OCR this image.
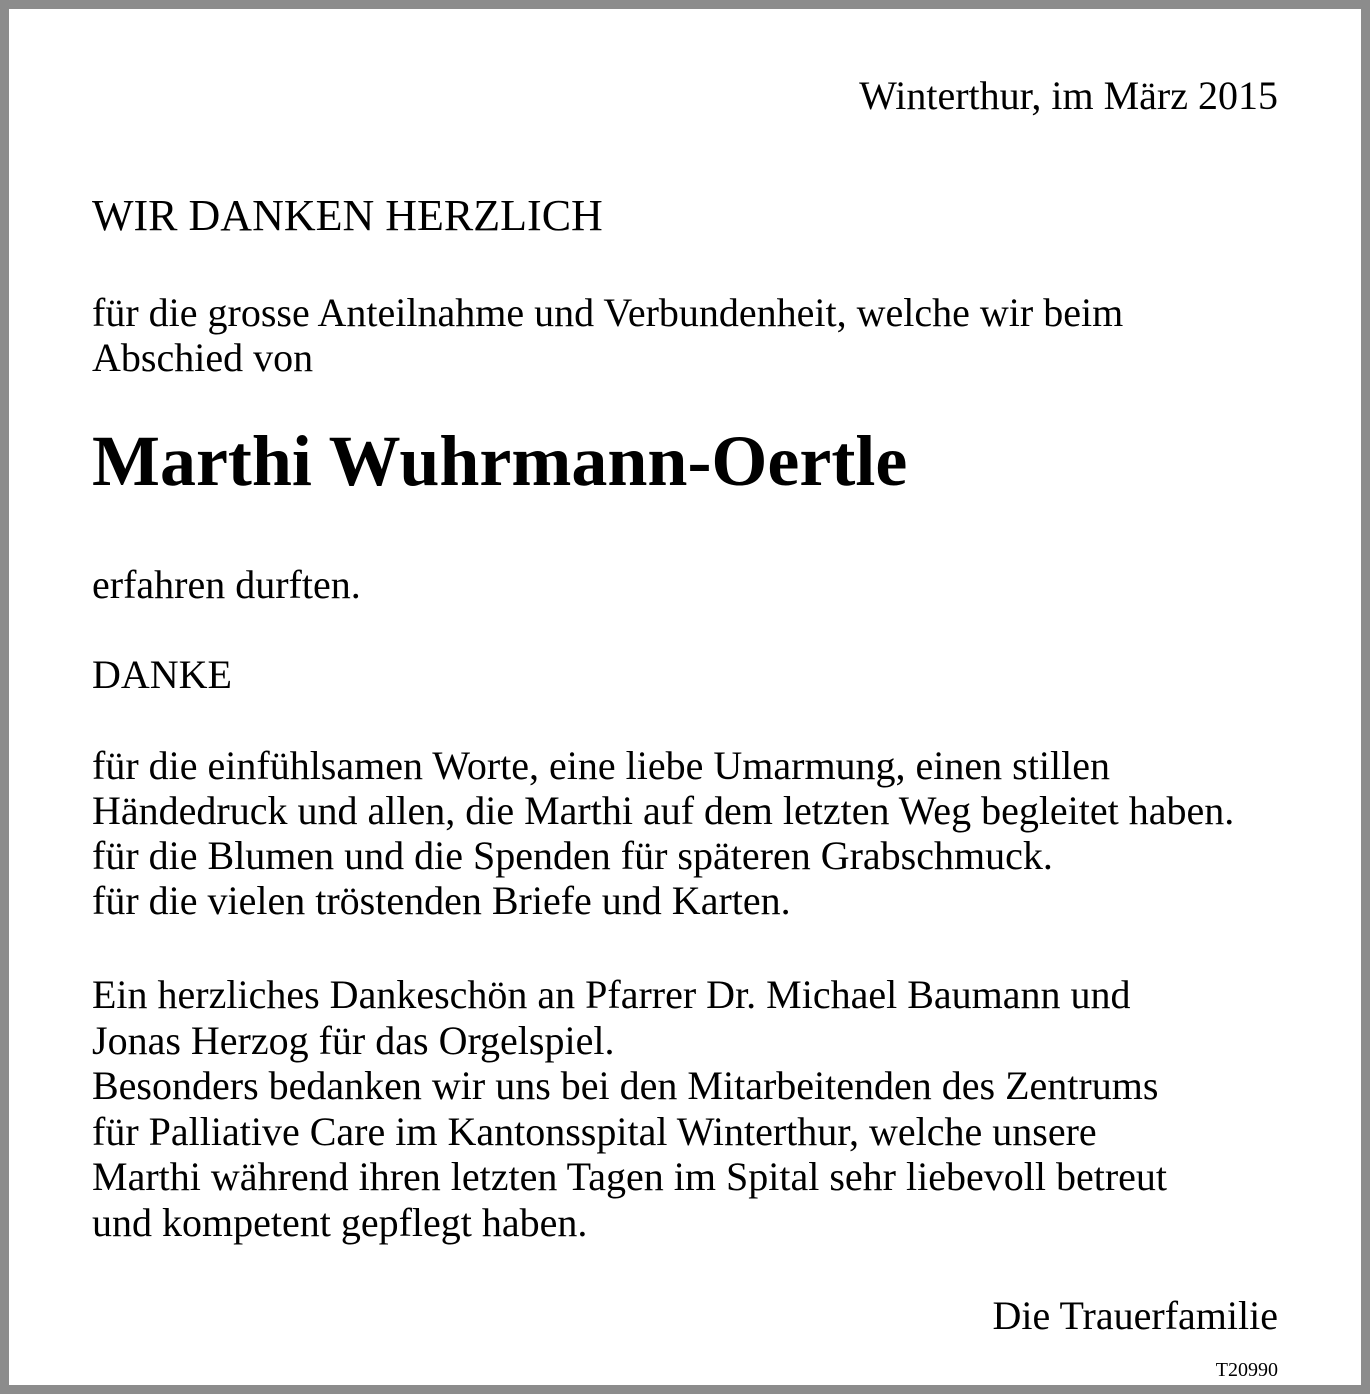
Winterthur, im März 2015

WIR DANKEN HERZLICH

für die grosse Anteilnahme und Verbundenheit, welche wir beim
Abschied von

Marthi Wuhrmann-Oertle

erfahren durften.

DANKE

für die einfühlsamen Worte, eine liebe Umarmung, einen stillen
Händedruck und allen, die Marthi auf dem letzten Weg begleitet haben.
für die Blumen und die Spenden für späteren Grabschmuck.
für die vielen tröstenden Briefe und Karten.
Ein herzliches Dankeschön an Pfarrer Dr. Michael Baumann und
Jonas Herzog für das Orgelspiel.
Besonders bedanken wir uns bei den Mitarbeitenden des Zentrums
für Palliative Care im Kantonsspital Winterthur, welche unsere
Marthi während ihren letzten Tagen im Spital sehr liebevoll betreut
und kompetent gepflegt haben.

Die Trauerfamilie

T20990
